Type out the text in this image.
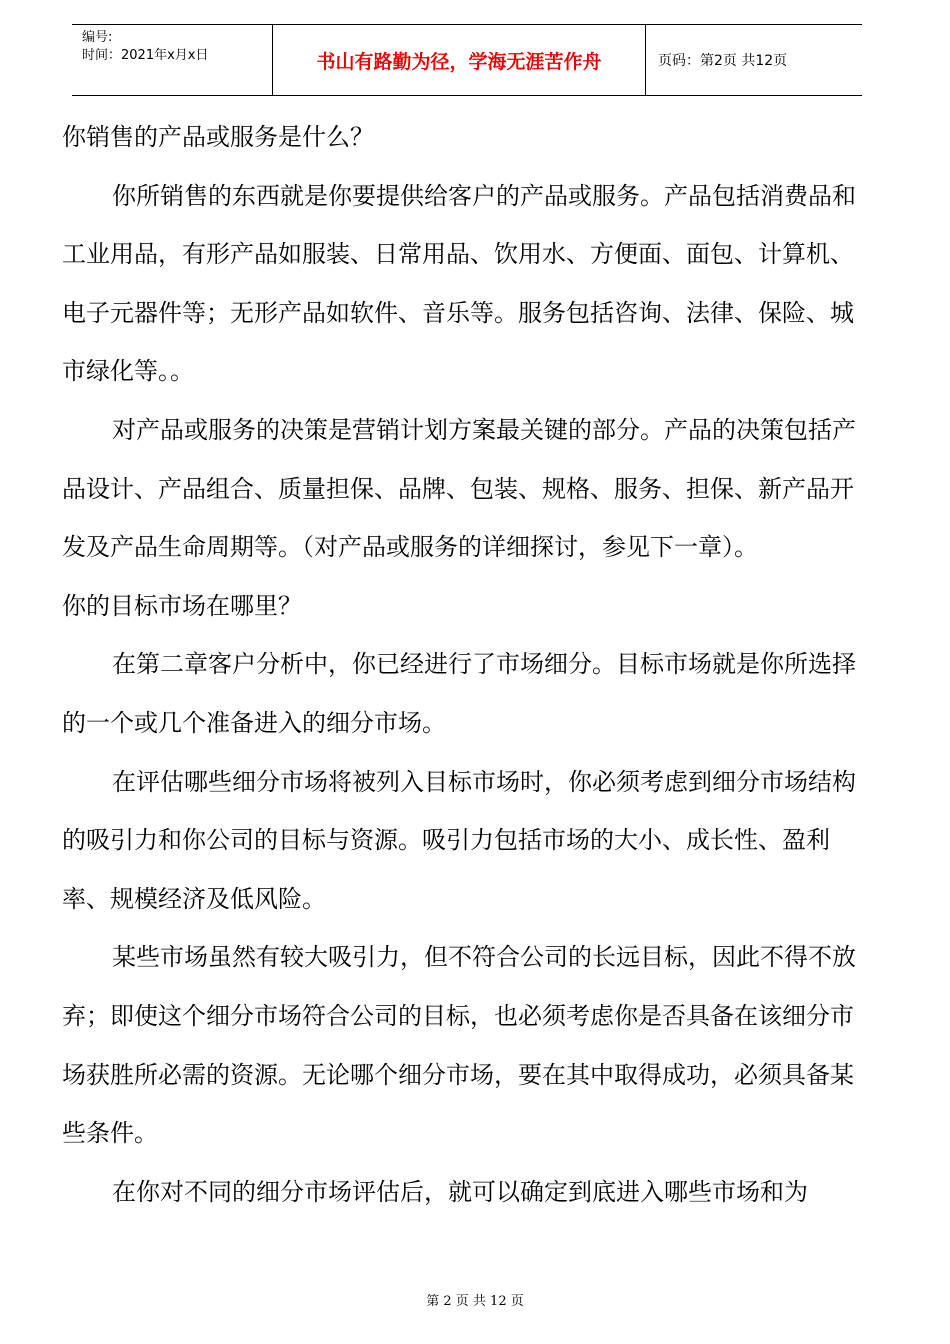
编号:
时间：2021年x月x日	书山有路勤为径，学海无涯苦作舟	页码：第2页 共12页

你销售的产品或服务是什么？

你所销售的东西就是你要提供给客户的产品或服务。产品包括消费品和工业用品，有形产品如服装、日常用品、饮用水、方便面、面包、计算机、电子元器件等；无形产品如软件、音乐等。服务包括咨询、法律、保险、城市绿化等。。

对产品或服务的决策是营销计划方案最关键的部分。产品的决策包括产品设计、产品组合、质量担保、品牌、包装、规格、服务、担保、新产品开发及产品生命周期等。（对产品或服务的详细探讨，参见下一章）。

你的目标市场在哪里？

在第二章客户分析中，你已经进行了市场细分。目标市场就是你所选择的一个或几个准备进入的细分市场。

在评估哪些细分市场将被列入目标市场时，你必须考虑到细分市场结构的吸引力和你公司的目标与资源。吸引力包括市场的大小、成长性、盈利率、规模经济及低风险。

某些市场虽然有较大吸引力，但不符合公司的长远目标，因此不得不放弃；即使这个细分市场符合公司的目标，也必须考虑你是否具备在该细分市场获胜所必需的资源。无论哪个细分市场，要在其中取得成功，必须具备某些条件。

在你对不同的细分市场评估后，就可以确定到底进入哪些市场和为

第 2 页 共 12 页
